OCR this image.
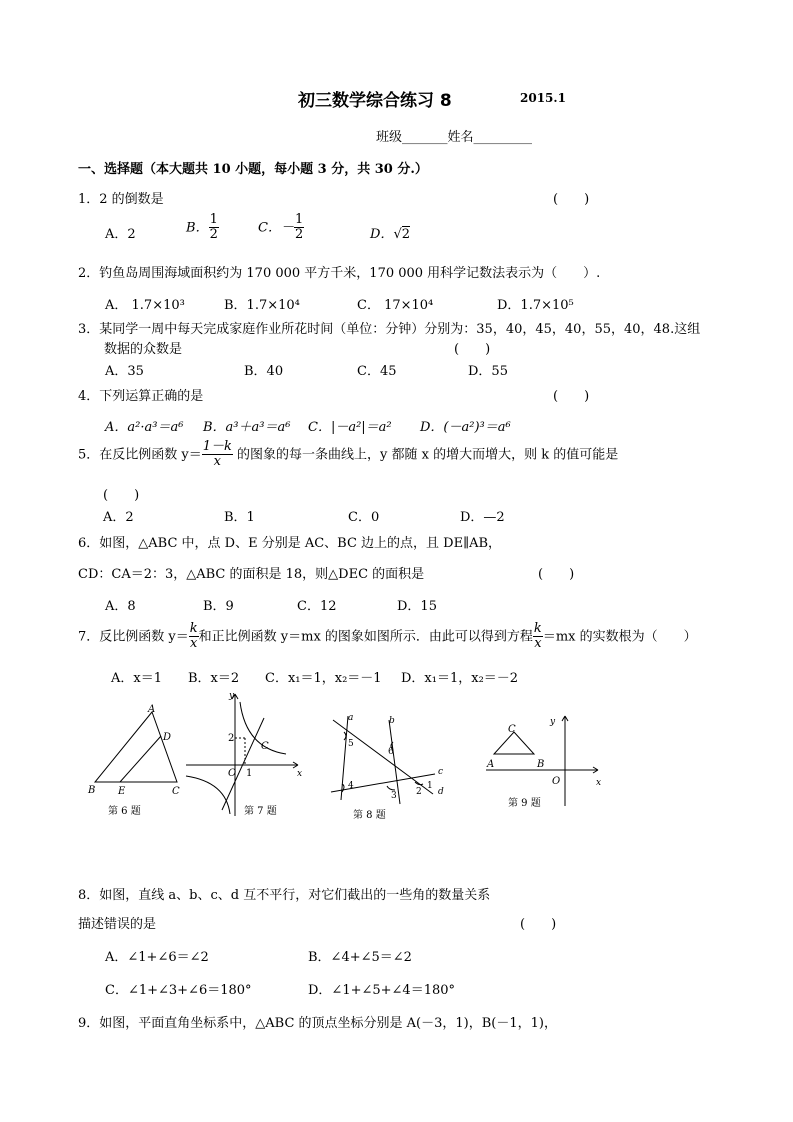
初三数学综合练习 8	2015.1
班级_______姓名_________
一、选择题（本大题共 10 小题，每小题 3 分，共 30 分.）
1．2 的倒数是	(　　)
A．2	B． $\frac{1}{2}$	C．－ $\frac{1}{2}$	D．√2
2．钓鱼岛周围海域面积约为 170 000 平方千米，170 000 用科学记数法表示为（　　）.
A． 1.7×10³	B．1.7×10⁴	C． 17×10⁴	D．1.7×10⁵
3．某同学一周中每天完成家庭作业所花时间（单位：分钟）分别为：35，40，45，40，55，40，48.这组
数据的众数是	(　　)
A．35	B．40	C．45	D．55
4．下列运算正确的是	(　　)
A．a²·a³＝a⁶ B．a³＋a³＝a⁶ C．|－a²|＝a² D．(－a²)³＝a⁶
5．在反比例函数 $y= \frac{1-k}{x}$ 的图象的每一条曲线上，y 都随 x 的增大而增大，则 k 的值可能是
(　　)
A．2	B．1	C．0	D．—2
6．如图，△ABC 中，点 D、E 分别是 AC、BC 边上的点，且 DE∥AB，
CD：CA＝2：3，△ABC 的面积是 18，则△DEC 的面积是	(　　)
A．8	B．9	C．12	D．15
7．反比例函数 $y= \frac{k}{x}$ 和正比例函数 y＝mx 的图象如图所示．由此可以得到方程 $\frac{k}{x} =mx$ 的实数根为（　　）
A．x＝1 B．x＝2 C．x₁＝1，x₂＝－1 D．x₁＝1，x₂＝－2
A
D
B E	C
第 6 题
y
x
O 1
2
C
第 7 题
a	b
c
d
5
6
4
3 2
1
第 8 题
y
x
O
C
A	B
第 9 题
8．如图，直线 a、b、c、d 互不平行，对它们截出的一些角的数量关系
描述错误的是	(　　)
A．∠1+∠6＝∠2	B．∠4+∠5＝∠2
C．∠1+∠3+∠6＝180°	D．∠1+∠5+∠4＝180°
9．如图，平面直角坐标系中，△ABC 的顶点坐标分别是 A(－3，1)，B(－1，1)，
